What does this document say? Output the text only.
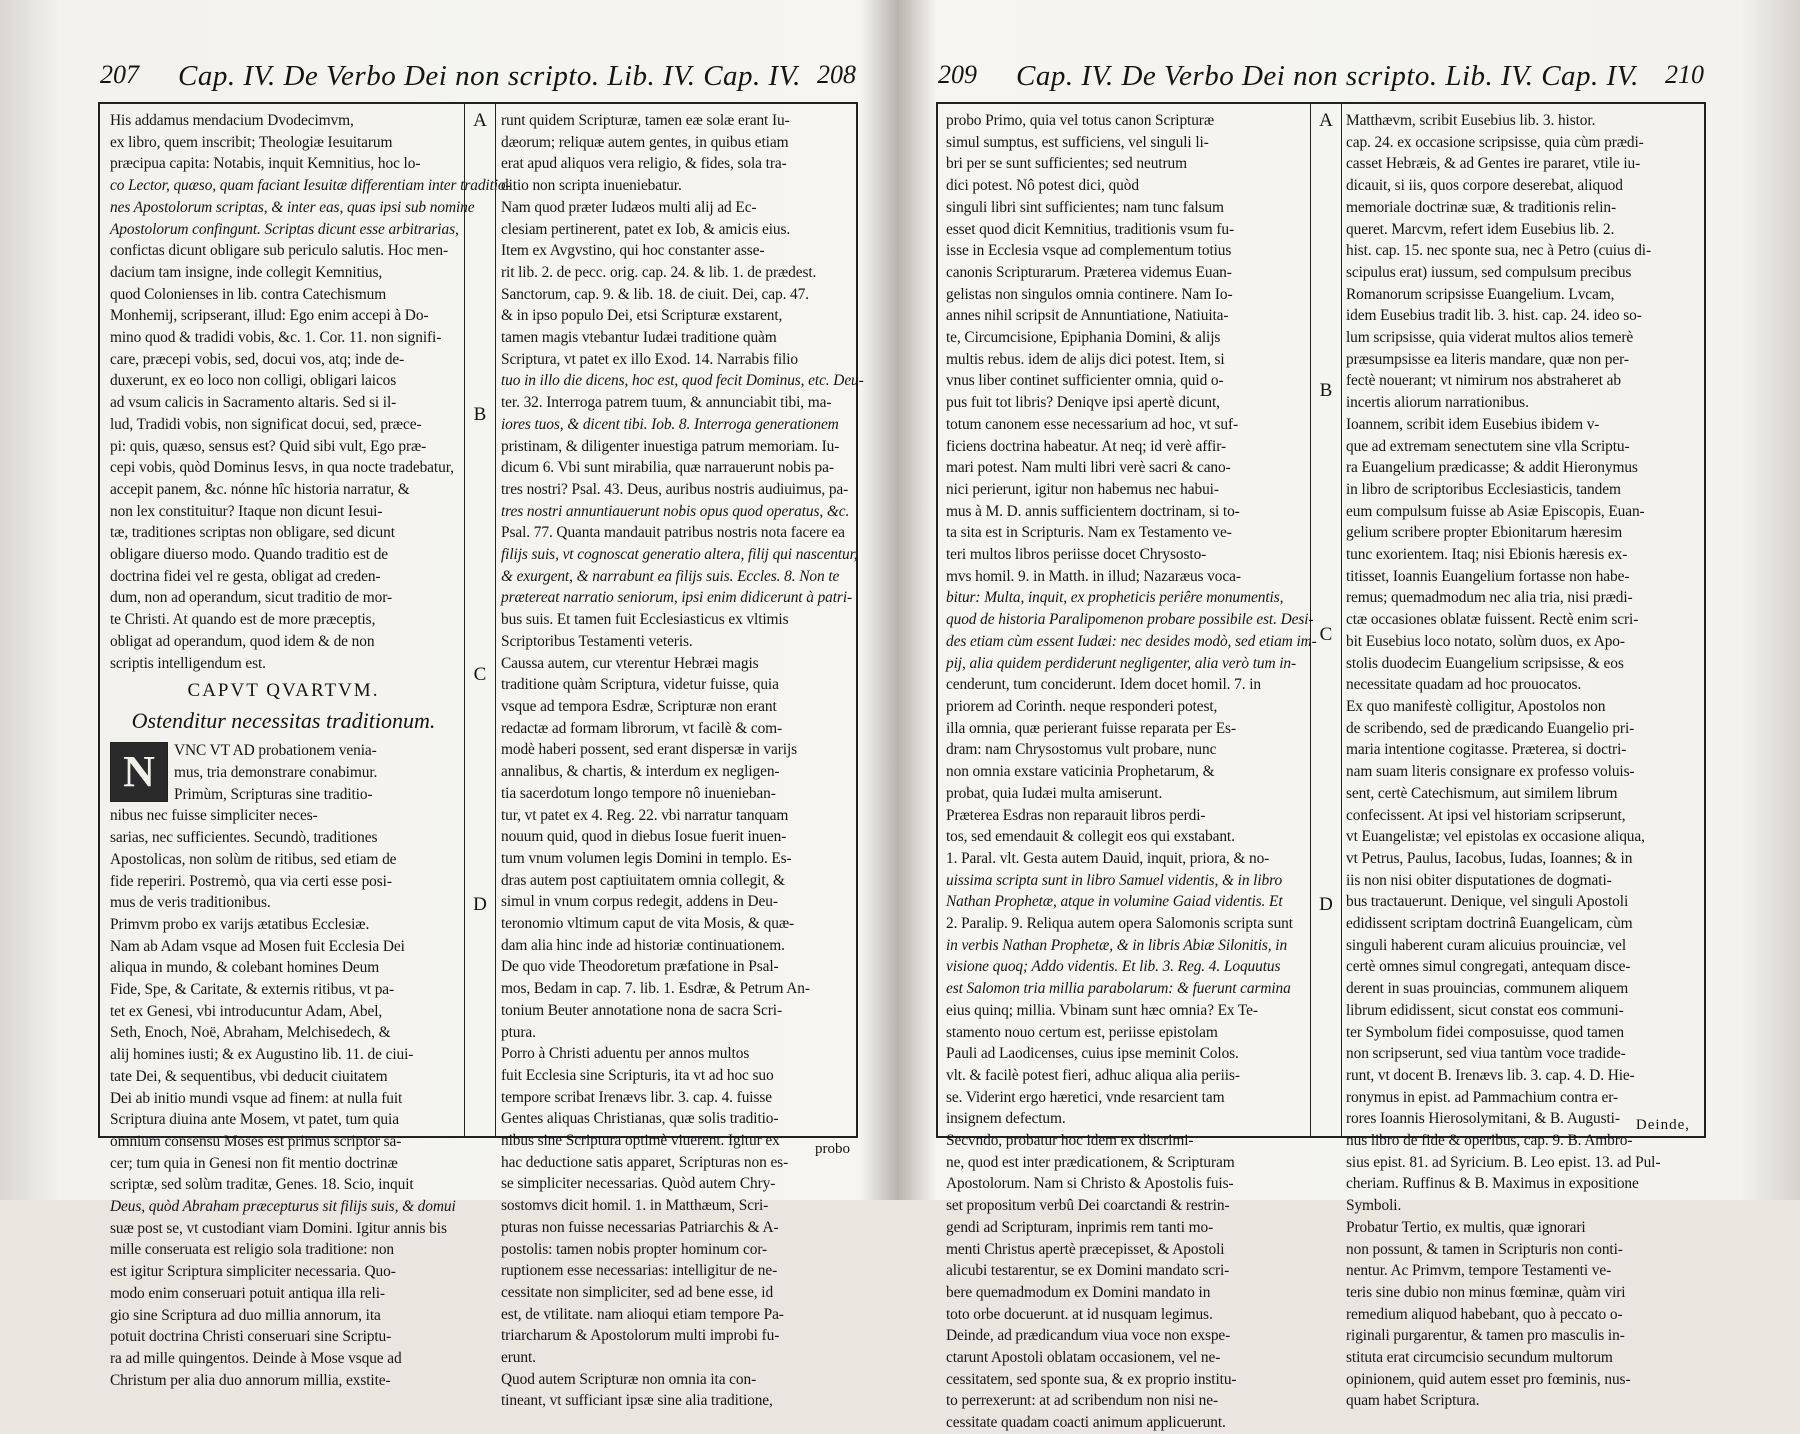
207 Cap. IV. De Verbo Dei non scripto. Lib. IV. Cap. IV. 208
His addamus mendacium Dvodecimvm,
ex libro, quem inscribit; Theologiæ Iesuitarum
præcipua capita: Notabis, inquit Kemnitius, hoc lo-
co Lector, quæso, quam faciant Iesuitæ differentiam inter traditio-
nes Apostolorum scriptas, & inter eas, quas ipsi sub nomine
Apostolorum confingunt. Scriptas dicunt esse arbitrarias,
confictas dicunt obligare sub periculo salutis. Hoc men-
dacium tam insigne, inde collegit Kemnitius,
quod Colonienses in lib. contra Catechismum
Monhemij, scripserant, illud: Ego enim accepi à Do-
mino quod & tradidi vobis, &c. 1. Cor. 11. non signifi-
care, præcepi vobis, sed, docui vos, atq; inde de-
duxerunt, ex eo loco non colligi, obligari laicos
ad vsum calicis in Sacramento altaris. Sed si il-
lud, Tradidi vobis, non significat docui, sed, præce-
pi: quis, quæso, sensus est? Quid sibi vult, Ego præ-
cepi vobis, quòd Dominus Iesvs, in qua nocte tradebatur,
accepit panem, &c. nónne hîc historia narratur, &
non lex constituitur? Itaque non dicunt Iesui-
tæ, traditiones scriptas non obligare, sed dicunt
obligare diuerso modo. Quando traditio est de
doctrina fidei vel re gesta, obligat ad creden-
dum, non ad operandum, sicut traditio de mor-
te Christi. At quando est de more præceptis,
obligat ad operandum, quod idem & de non
scriptis intelligendum est.
CAPVT QVARTVM.
Ostenditur necessitas traditionum.
N	VNC VT AD probationem venia-
mus, tria demonstrare conabimur.
Primùm, Scripturas sine traditio-
nibus nec fuisse simpliciter neces-
sarias, nec sufficientes. Secundò, traditiones
Apostolicas, non solùm de ritibus, sed etiam de
fide reperiri. Postremò, qua via certi esse posi-
mus de veris traditionibus.
Primvm probo ex varijs ætatibus Ecclesiæ.
Nam ab Adam vsque ad Mosen fuit Ecclesia Dei
aliqua in mundo, & colebant homines Deum
Fide, Spe, & Caritate, & externis ritibus, vt pa-
tet ex Genesi, vbi introducuntur Adam, Abel,
Seth, Enoch, Noë, Abraham, Melchisedech, &
alij homines iusti; & ex Augustino lib. 11. de ciui-
tate Dei, & sequentibus, vbi deducit ciuitatem
Dei ab initio mundi vsque ad finem: at nulla fuit
Scriptura diuina ante Mosem, vt patet, tum quia
omnium consensu Moses est primus scriptor sa-
cer; tum quia in Genesi non fit mentio doctrinæ
scriptæ, sed solùm traditæ, Genes. 18. Scio, inquit
Deus, quòd Abraham præcepturus sit filijs suis, & domui
suæ post se, vt custodiant viam Domini. Igitur annis bis
mille conseruata est religio sola traditione: non
est igitur Scriptura simpliciter necessaria. Quo-
modo enim conseruari potuit antiqua illa reli-
gio sine Scriptura ad duo millia annorum, ita
potuit doctrina Christi conseruari sine Scriptu-
ra ad mille quingentos. Deinde à Mose vsque ad
Christum per alia duo annorum millia, exstite-
A
B
C
D
runt quidem Scripturæ, tamen eæ solæ erant Iu-
dæorum; reliquæ autem gentes, in quibus etiam
erat apud aliquos vera religio, & fides, sola tra-
ditio non scripta inueniebatur.
Nam quod præter Iudæos multi alij ad Ec-
clesiam pertinerent, patet ex Iob, & amicis eius.
Item ex Avgvstino, qui hoc constanter asse-
rit lib. 2. de pecc. orig. cap. 24. & lib. 1. de prædest.
Sanctorum, cap. 9. & lib. 18. de ciuit. Dei, cap. 47.
& in ipso populo Dei, etsi Scripturæ exstarent,
tamen magis vtebantur Iudæi traditione quàm
Scriptura, vt patet ex illo Exod. 14. Narrabis filio
tuo in illo die dicens, hoc est, quod fecit Dominus, etc. Deu-
ter. 32. Interroga patrem tuum, & annunciabit tibi, ma-
iores tuos, & dicent tibi. Iob. 8. Interroga generationem
pristinam, & diligenter inuestiga patrum memoriam. Iu-
dicum 6. Vbi sunt mirabilia, quæ narrauerunt nobis pa-
tres nostri? Psal. 43. Deus, auribus nostris audiuimus, pa-
tres nostri annuntiauerunt nobis opus quod operatus, &c.
Psal. 77. Quanta mandauit patribus nostris nota facere ea
filijs suis, vt cognoscat generatio altera, filij qui nascentur,
& exurgent, & narrabunt ea filijs suis. Eccles. 8. Non te
prætereat narratio seniorum, ipsi enim didicerunt à patri-
bus suis. Et tamen fuit Ecclesiasticus ex vltimis
Scriptoribus Testamenti veteris.
Caussa autem, cur vterentur Hebræi magis
traditione quàm Scriptura, videtur fuisse, quia
vsque ad tempora Esdræ, Scripturæ non erant
redactæ ad formam librorum, vt facilè & com-
modè haberi possent, sed erant dispersæ in varijs
annalibus, & chartis, & interdum ex negligen-
tia sacerdotum longo tempore nô inuenieban-
tur, vt patet ex 4. Reg. 22. vbi narratur tanquam
nouum quid, quod in diebus Iosue fuerit inuen-
tum vnum volumen legis Domini in templo. Es-
dras autem post captiuitatem omnia collegit, &
simul in vnum corpus redegit, addens in Deu-
teronomio vltimum caput de vita Mosis, & quæ-
dam alia hinc inde ad historiæ continuationem.
De quo vide Theodoretum præfatione in Psal-
mos, Bedam in cap. 7. lib. 1. Esdræ, & Petrum An-
tonium Beuter annotatione nona de sacra Scri-
ptura.
Porro à Christi aduentu per annos multos
fuit Ecclesia sine Scripturis, ita vt ad hoc suo
tempore scribat Irenævs libr. 3. cap. 4. fuisse
Gentes aliquas Christianas, quæ solis traditio-
nibus sine Scriptura optimè viuerent. Igitur ex
hac deductione satis apparet, Scripturas non es-
se simpliciter necessarias. Quòd autem Chry-
sostomvs dicit homil. 1. in Matthæum, Scri-
pturas non fuisse necessarias Patriarchis & A-
postolis: tamen nobis propter hominum cor-
ruptionem esse necessarias: intelligitur de ne-
cessitate non simpliciter, sed ad bene esse, id
est, de vtilitate. nam alioqui etiam tempore Pa-
triarcharum & Apostolorum multi improbi fu-
erunt.
Quod autem Scripturæ non omnia ita con-
tineant, vt sufficiant ipsæ sine alia traditione,
probo
209 Cap. IV. De Verbo Dei non scripto. Lib. IV. Cap. IV. 210
probo Primo, quia vel totus canon Scripturæ
simul sumptus, est sufficiens, vel singuli li-
bri per se sunt sufficientes; sed neutrum
dici potest. Nô potest dici, quòd
singuli libri sint sufficientes; nam tunc falsum
esset quod dicit Kemnitius, traditionis vsum fu-
isse in Ecclesia vsque ad complementum totius
canonis Scripturarum. Præterea videmus Euan-
gelistas non singulos omnia continere. Nam Io-
annes nihil scripsit de Annuntiatione, Natiuita-
te, Circumcisione, Epiphania Domini, & alijs
multis rebus. idem de alijs dici potest. Item, si
vnus liber continet sufficienter omnia, quid o-
pus fuit tot libris? Deniqve ipsi apertè dicunt,
totum canonem esse necessarium ad hoc, vt suf-
ficiens doctrina habeatur. At neq; id verè affir-
mari potest. Nam multi libri verè sacri & cano-
nici perierunt, igitur non habemus nec habui-
mus à M. D. annis sufficientem doctrinam, si to-
ta sita est in Scripturis. Nam ex Testamento ve-
teri multos libros periisse docet Chrysosto-
mvs homil. 9. in Matth. in illud; Nazaræus voca-
bitur: Multa, inquit, ex propheticis periêre monumentis,
quod de historia Paralipomenon probare possibile est. Desi-
des etiam cùm essent Iudæi: nec desides modò, sed etiam im-
pij, alia quidem perdiderunt negligenter, alia verò tum in-
cenderunt, tum conciderunt. Idem docet homil. 7. in
priorem ad Corinth. neque responderi potest,
illa omnia, quæ perierant fuisse reparata per Es-
dram: nam Chrysostomus vult probare, nunc
non omnia exstare vaticinia Prophetarum, &
probat, quia Iudæi multa amiserunt.
Præterea Esdras non reparauit libros perdi-
tos, sed emendauit & collegit eos qui exstabant.
1. Paral. vlt. Gesta autem Dauid, inquit, priora, & no-
uissima scripta sunt in libro Samuel videntis, & in libro
Nathan Prophetæ, atque in volumine Gaiad videntis. Et
2. Paralip. 9. Reliqua autem opera Salomonis scripta sunt
in verbis Nathan Prophetæ, & in libris Abiæ Silonitis, in
visione quoq; Addo videntis. Et lib. 3. Reg. 4. Loquutus
est Salomon tria millia parabolarum: & fuerunt carmina
eius quinq; millia. Vbinam sunt hæc omnia? Ex Te-
stamento nouo certum est, periisse epistolam
Pauli ad Laodicenses, cuius ipse meminit Colos.
vlt. & facilè potest fieri, adhuc aliqua alia periis-
se. Viderint ergo hæretici, vnde resarcient tam
insignem defectum.
Secvndo, probatur hoc idem ex discrimi-
ne, quod est inter prædicationem, & Scripturam
Apostolorum. Nam si Christo & Apostolis fuis-
set propositum verbû Dei coarctandi & restrin-
gendi ad Scripturam, inprimis rem tanti mo-
menti Christus apertè præcepisset, & Apostoli
alicubi testarentur, se ex Domini mandato scri-
bere quemadmodum ex Domini mandato in
toto orbe docuerunt. at id nusquam legimus.
Deinde, ad prædicandum viua voce non exspe-
ctarunt Apostoli oblatam occasionem, vel ne-
cessitatem, sed sponte sua, & ex proprio institu-
to perrexerunt: at ad scribendum non nisi ne-
cessitate quadam coacti animum applicuerunt.
A
B
C
D
Matthævm, scribit Eusebius lib. 3. histor.
cap. 24. ex occasione scripsisse, quia cùm prædi-
casset Hebræis, & ad Gentes ire pararet, vtile iu-
dicauit, si iis, quos corpore deserebat, aliquod
memoriale doctrinæ suæ, & traditionis relin-
queret. Marcvm, refert idem Eusebius lib. 2.
hist. cap. 15. nec sponte sua, nec à Petro (cuius di-
scipulus erat) iussum, sed compulsum precibus
Romanorum scripsisse Euangelium. Lvcam,
idem Eusebius tradit lib. 3. hist. cap. 24. ideo so-
lum scripsisse, quia viderat multos alios temerè
præsumpsisse ea literis mandare, quæ non per-
fectè nouerant; vt nimirum nos abstraheret ab
incertis aliorum narrationibus.
Ioannem, scribit idem Eusebius ibidem v-
que ad extremam senectutem sine vlla Scriptu-
ra Euangelium prædicasse; & addit Hieronymus
in libro de scriptoribus Ecclesiasticis, tandem
eum compulsum fuisse ab Asiæ Episcopis, Euan-
gelium scribere propter Ebionitarum hæresim
tunc exorientem. Itaq; nisi Ebionis hæresis ex-
titisset, Ioannis Euangelium fortasse non habe-
remus; quemadmodum nec alia tria, nisi prædi-
ctæ occasiones oblatæ fuissent. Rectè enim scri-
bit Eusebius loco notato, solùm duos, ex Apo-
stolis duodecim Euangelium scripsisse, & eos
necessitate quadam ad hoc prouocatos.
Ex quo manifestè colligitur, Apostolos non
de scribendo, sed de prædicando Euangelio pri-
maria intentione cogitasse. Præterea, si doctri-
nam suam literis consignare ex professo voluis-
sent, certè Catechismum, aut similem librum
confecissent. At ipsi vel historiam scripserunt,
vt Euangelistæ; vel epistolas ex occasione aliqua,
vt Petrus, Paulus, Iacobus, Iudas, Ioannes; & in
iis non nisi obiter disputationes de dogmati-
bus tractauerunt. Denique, vel singuli Apostoli
edidissent scriptam doctrinâ Euangelicam, cùm
singuli haberent curam alicuius prouinciæ, vel
certè omnes simul congregati, antequam disce-
derent in suas prouincias, communem aliquem
librum edidissent, sicut constat eos communi-
ter Symbolum fidei composuisse, quod tamen
non scripserunt, sed viua tantùm voce tradide-
runt, vt docent B. Irenævs lib. 3. cap. 4. D. Hie-
ronymus in epist. ad Pammachium contra er-
rores Ioannis Hierosolymitani, & B. Augusti-
nus libro de fide & operibus, cap. 9. B. Ambro-
sius epist. 81. ad Syricium. B. Leo epist. 13. ad Pul-
cheriam. Ruffinus & B. Maximus in expositione
Symboli.
Probatur Tertio, ex multis, quæ ignorari
non possunt, & tamen in Scripturis non conti-
nentur. Ac Primvm, tempore Testamenti ve-
teris sine dubio non minus fœminæ, quàm viri
remedium aliquod habebant, quo à peccato o-
riginali purgarentur, & tamen pro masculis in-
stituta erat circumcisio secundum multorum
opinionem, quid autem esset pro fœminis, nus-
quam habet Scriptura.
Deinde,
